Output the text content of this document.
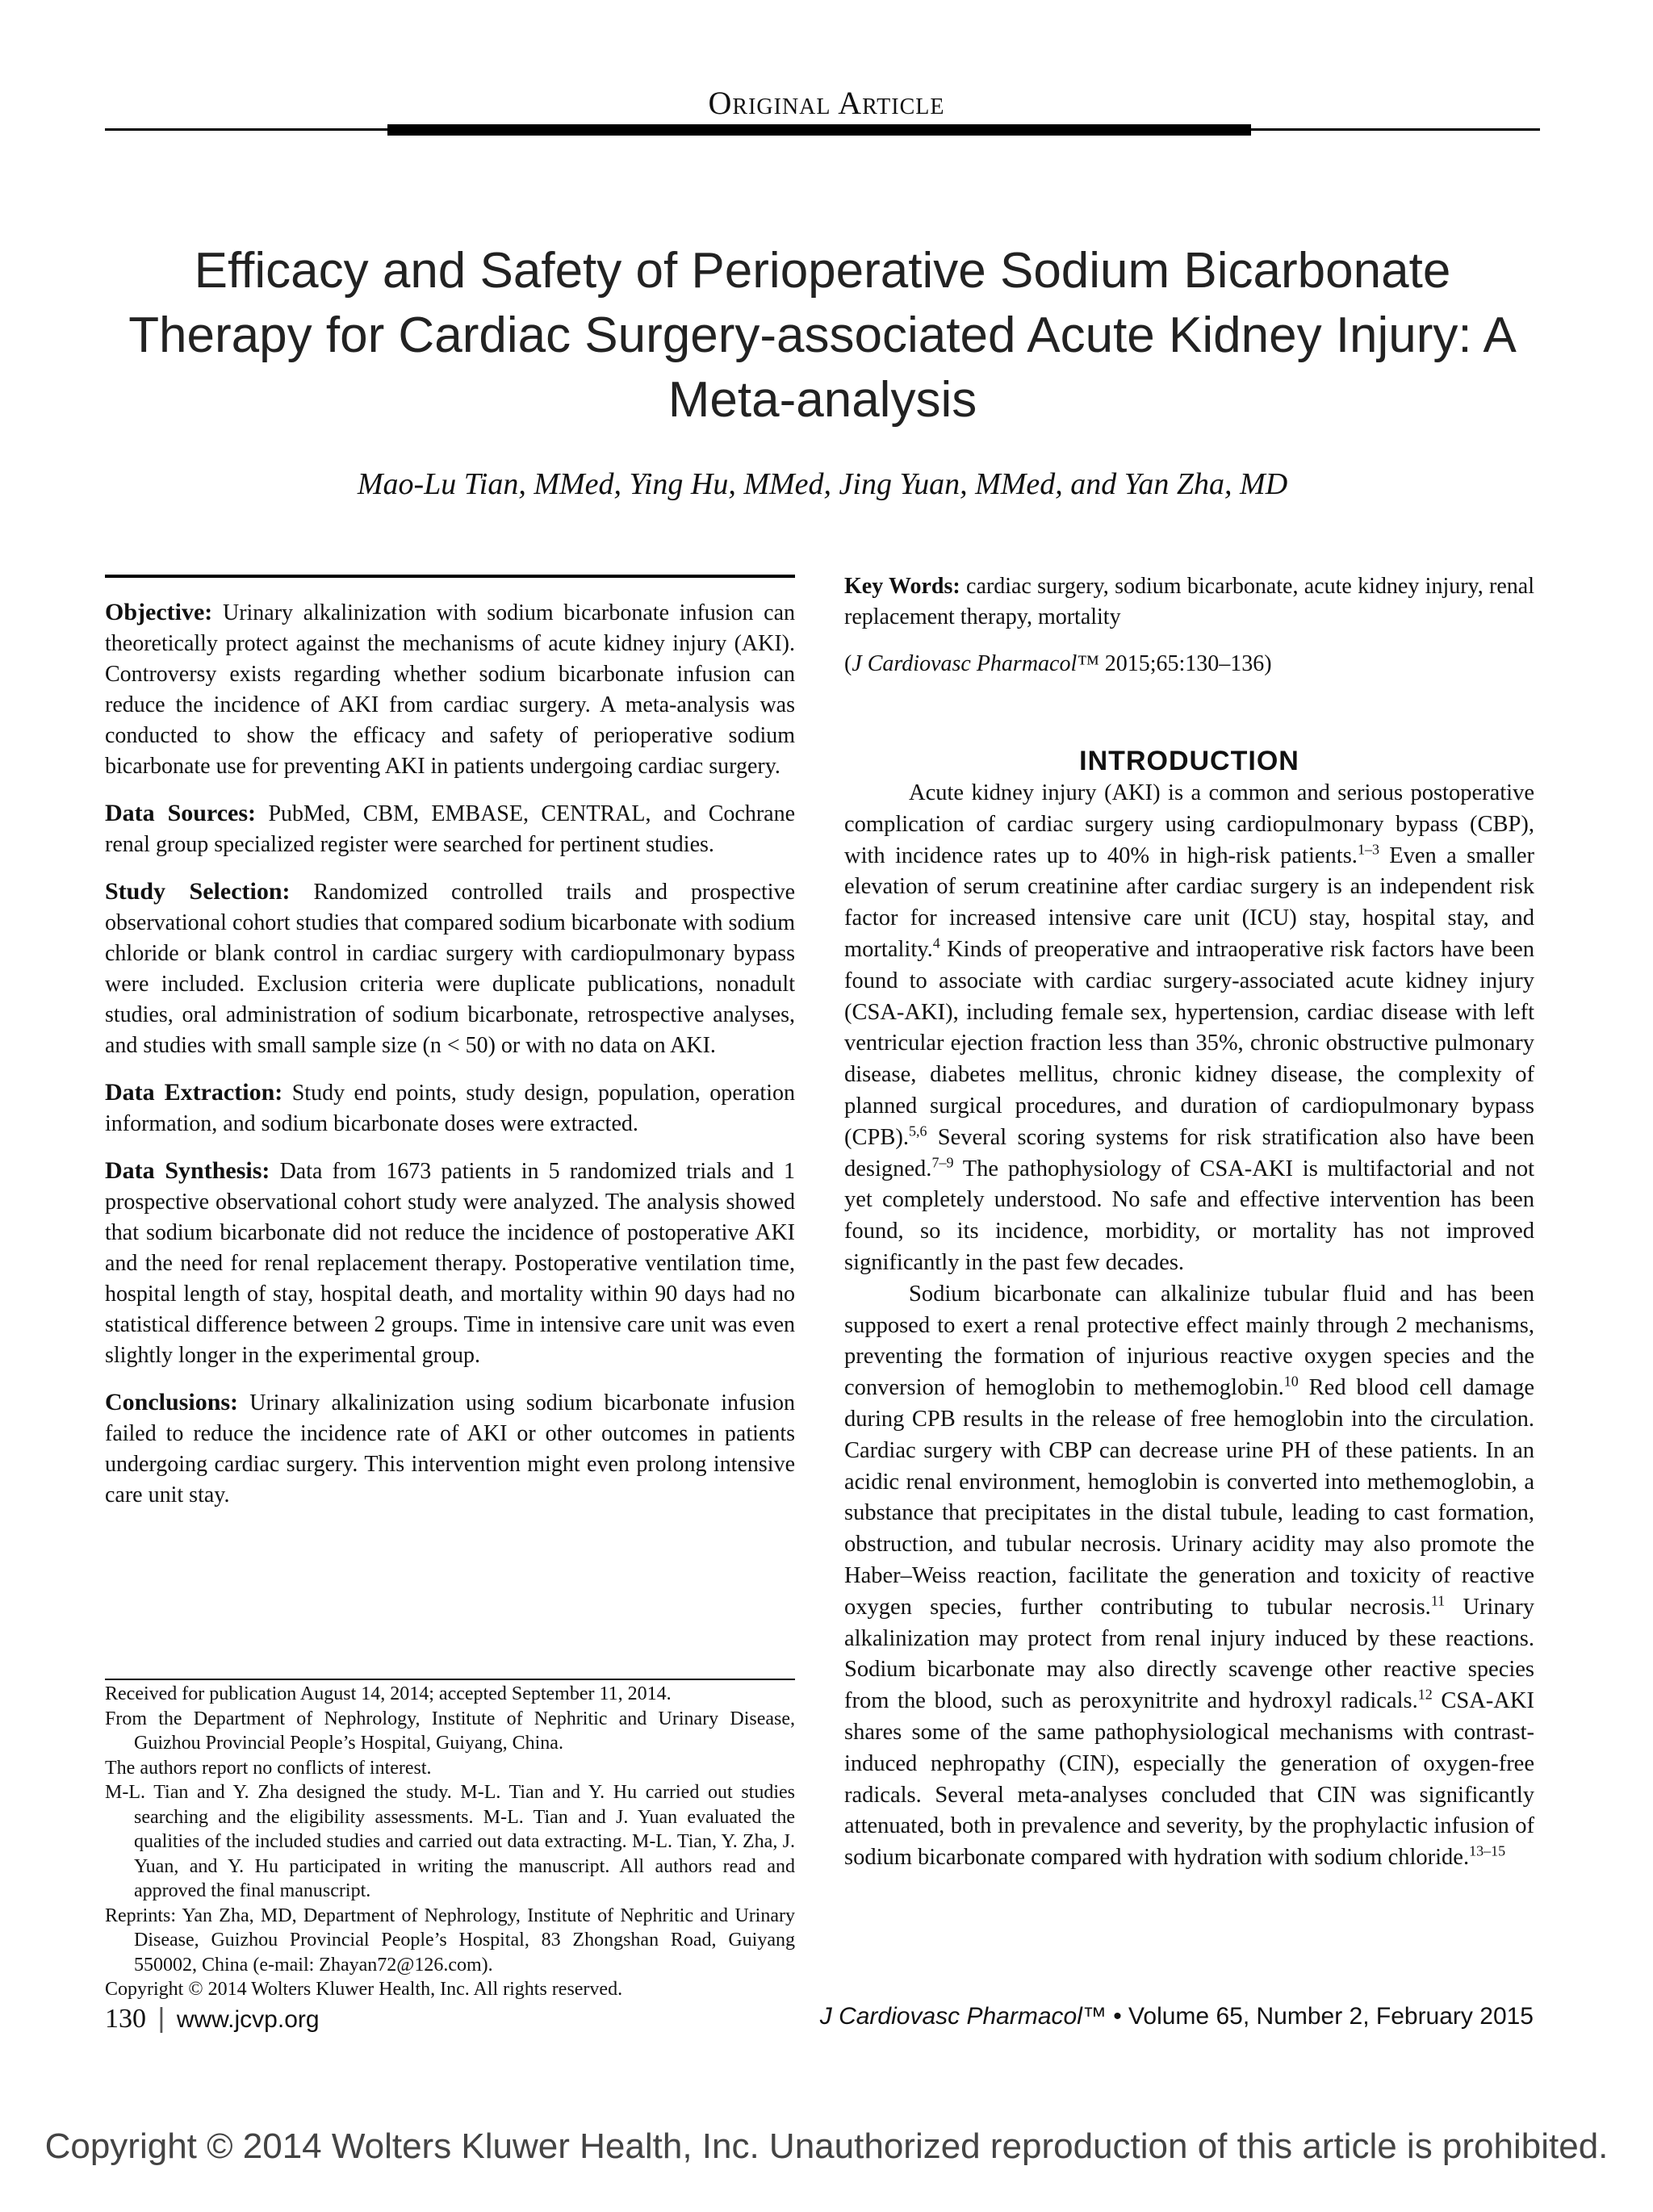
Original Article
Efficacy and Safety of Perioperative Sodium Bicarbonate Therapy for Cardiac Surgery-associated Acute Kidney Injury: A Meta-analysis
Mao-Lu Tian, MMed, Ying Hu, MMed, Jing Yuan, MMed, and Yan Zha, MD

Objective: Urinary alkalinization with sodium bicarbonate infusion can theoretically protect against the mechanisms of acute kidney injury (AKI). Controversy exists regarding whether sodium bicarbonate infusion can reduce the incidence of AKI from cardiac surgery. A meta-analysis was conducted to show the efficacy and safety of perioperative sodium bicarbonate use for preventing AKI in patients undergoing cardiac surgery.

Data Sources: PubMed, CBM, EMBASE, CENTRAL, and Cochrane renal group specialized register were searched for pertinent studies.

Study Selection: Randomized controlled trails and prospective observational cohort studies that compared sodium bicarbonate with sodium chloride or blank control in cardiac surgery with cardiopulmonary bypass were included. Exclusion criteria were duplicate publications, nonadult studies, oral administration of sodium bicarbonate, retrospective analyses, and studies with small sample size (n < 50) or with no data on AKI.

Data Extraction: Study end points, study design, population, operation information, and sodium bicarbonate doses were extracted.

Data Synthesis: Data from 1673 patients in 5 randomized trials and 1 prospective observational cohort study were analyzed. The analysis showed that sodium bicarbonate did not reduce the incidence of postoperative AKI and the need for renal replacement therapy. Postoperative ventilation time, hospital length of stay, hospital death, and mortality within 90 days had no statistical difference between 2 groups. Time in intensive care unit was even slightly longer in the experimental group.

Conclusions: Urinary alkalinization using sodium bicarbonate infusion failed to reduce the incidence rate of AKI or other outcomes in patients undergoing cardiac surgery. This intervention might even prolong intensive care unit stay.

Received for publication August 14, 2014; accepted September 11, 2014.

From the Department of Nephrology, Institute of Nephritic and Urinary Disease, Guizhou Provincial People’s Hospital, Guiyang, China.

The authors report no conflicts of interest.

M-L. Tian and Y. Zha designed the study. M-L. Tian and Y. Hu carried out studies searching and the eligibility assessments. M-L. Tian and J. Yuan evaluated the qualities of the included studies and carried out data extracting. M-L. Tian, Y. Zha, J. Yuan, and Y. Hu participated in writing the manuscript. All authors read and approved the final manuscript.

Reprints: Yan Zha, MD, Department of Nephrology, Institute of Nephritic and Urinary Disease, Guizhou Provincial People’s Hospital, 83 Zhongshan Road, Guiyang 550002, China (e-mail: Zhayan72@126.com).

Copyright © 2014 Wolters Kluwer Health, Inc. All rights reserved.

Key Words: cardiac surgery, sodium bicarbonate, acute kidney injury, renal replacement therapy, mortality

(J Cardiovasc Pharmacol™ 2015;65:130–136)

INTRODUCTION

Acute kidney injury (AKI) is a common and serious postoperative complication of cardiac surgery using cardiopulmonary bypass (CBP), with incidence rates up to 40% in high-risk patients.$^{1-3}$ Even a smaller elevation of serum creatinine after cardiac surgery is an independent risk factor for increased intensive care unit (ICU) stay, hospital stay, and mortality.$^4$ Kinds of preoperative and intraoperative risk factors have been found to associate with cardiac surgery-associated acute kidney injury (CSA-AKI), including female sex, hypertension, cardiac disease with left ventricular ejection fraction less than 35%, chronic obstructive pulmonary disease, diabetes mellitus, chronic kidney disease, the complexity of planned surgical procedures, and duration of cardiopulmonary bypass (CPB).$^{5,6}$ Several scoring systems for risk stratification also have been designed.$^{7-9}$ The pathophysiology of CSA-AKI is multifactorial and not yet completely understood. No safe and effective intervention has been found, so its incidence, morbidity, or mortality has not improved significantly in the past few decades.

Sodium bicarbonate can alkalinize tubular fluid and has been supposed to exert a renal protective effect mainly through 2 mechanisms, preventing the formation of injurious reactive oxygen species and the conversion of hemoglobin to methemoglobin.$^{10}$ Red blood cell damage during CPB results in the release of free hemoglobin into the circulation. Cardiac surgery with CBP can decrease urine PH of these patients. In an acidic renal environment, hemoglobin is converted into methemoglobin, a substance that precipitates in the distal tubule, leading to cast formation, obstruction, and tubular necrosis. Urinary acidity may also promote the Haber–Weiss reaction, facilitate the generation and toxicity of reactive oxygen species, further contributing to tubular necrosis.$^{11}$ Urinary alkalinization may protect from renal injury induced by these reactions. Sodium bicarbonate may also directly scavenge other reactive species from the blood, such as peroxynitrite and hydroxyl radicals.$^{12}$ CSA-AKI shares some of the same pathophysiological mechanisms with contrast-induced nephropathy (CIN), especially the generation of oxygen-free radicals. Several meta-analyses concluded that CIN was significantly attenuated, both in prevalence and severity, by the prophylactic infusion of sodium bicarbonate compared with hydration with sodium chloride.$^{13-15}$

130 | www.jcvp.org	J Cardiovasc Pharmacol™ • Volume 65, Number 2, February 2015
Copyright © 2014 Wolters Kluwer Health, Inc. Unauthorized reproduction of this article is prohibited.
